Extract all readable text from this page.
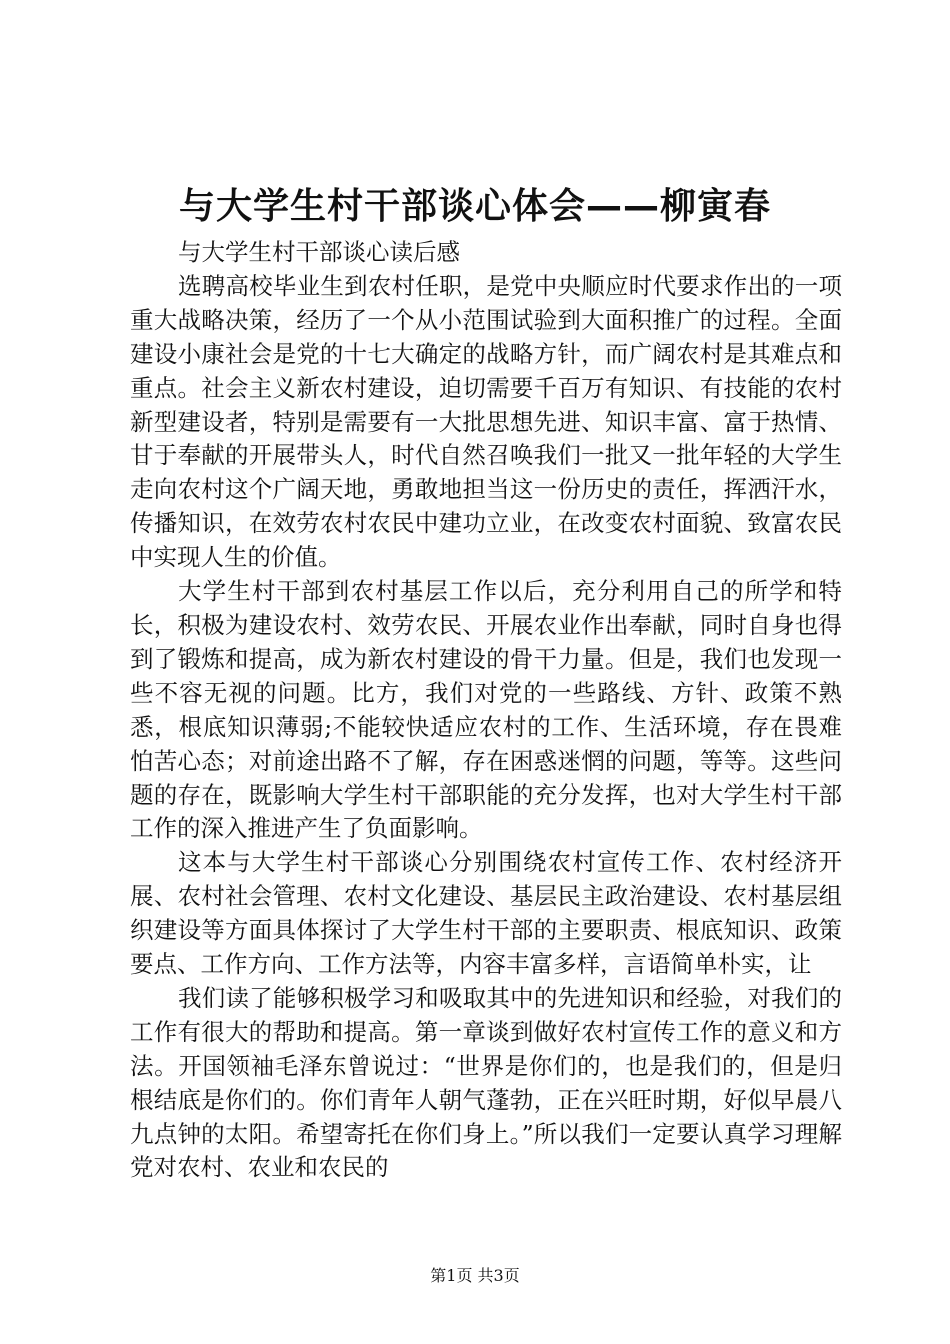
与大学生村干部谈心体会——柳寅春

与大学生村干部谈心读后感

选聘高校毕业生到农村任职，是党中央顺应时代要求作出的一项重大战略决策，经历了一个从小范围试验到大面积推广的过程。全面建设小康社会是党的十七大确定的战略方针，而广阔农村是其难点和重点。社会主义新农村建设，迫切需要千百万有知识、有技能的农村新型建设者，特别是需要有一大批思想先进、知识丰富、富于热情、甘于奉献的开展带头人，时代自然召唤我们一批又一批年轻的大学生走向农村这个广阔天地，勇敢地担当这一份历史的责任，挥洒汗水，传播知识，在效劳农村农民中建功立业，在改变农村面貌、致富农民中实现人生的价值。

大学生村干部到农村基层工作以后，充分利用自己的所学和特长，积极为建设农村、效劳农民、开展农业作出奉献，同时自身也得到了锻炼和提高，成为新农村建设的骨干力量。但是，我们也发现一些不容无视的问题。比方，我们对党的一些路线、方针、政策不熟悉，根底知识薄弱;不能较快适应农村的工作、生活环境，存在畏难怕苦心态；对前途出路不了解，存在困惑迷惘的问题，等等。这些问题的存在，既影响大学生村干部职能的充分发挥，也对大学生村干部工作的深入推进产生了负面影响。

这本与大学生村干部谈心分别围绕农村宣传工作、农村经济开展、农村社会管理、农村文化建设、基层民主政治建设、农村基层组织建设等方面具体探讨了大学生村干部的主要职责、根底知识、政策要点、工作方向、工作方法等，内容丰富多样，言语简单朴实，让

我们读了能够积极学习和吸取其中的先进知识和经验，对我们的工作有很大的帮助和提高。第一章谈到做好农村宣传工作的意义和方法。开国领袖毛泽东曾说过：“世界是你们的，也是我们的，但是归根结底是你们的。你们青年人朝气蓬勃，正在兴旺时期，好似早晨八九点钟的太阳。希望寄托在你们身上。”所以我们一定要认真学习理解党对农村、农业和农民的

第1页 共3页
